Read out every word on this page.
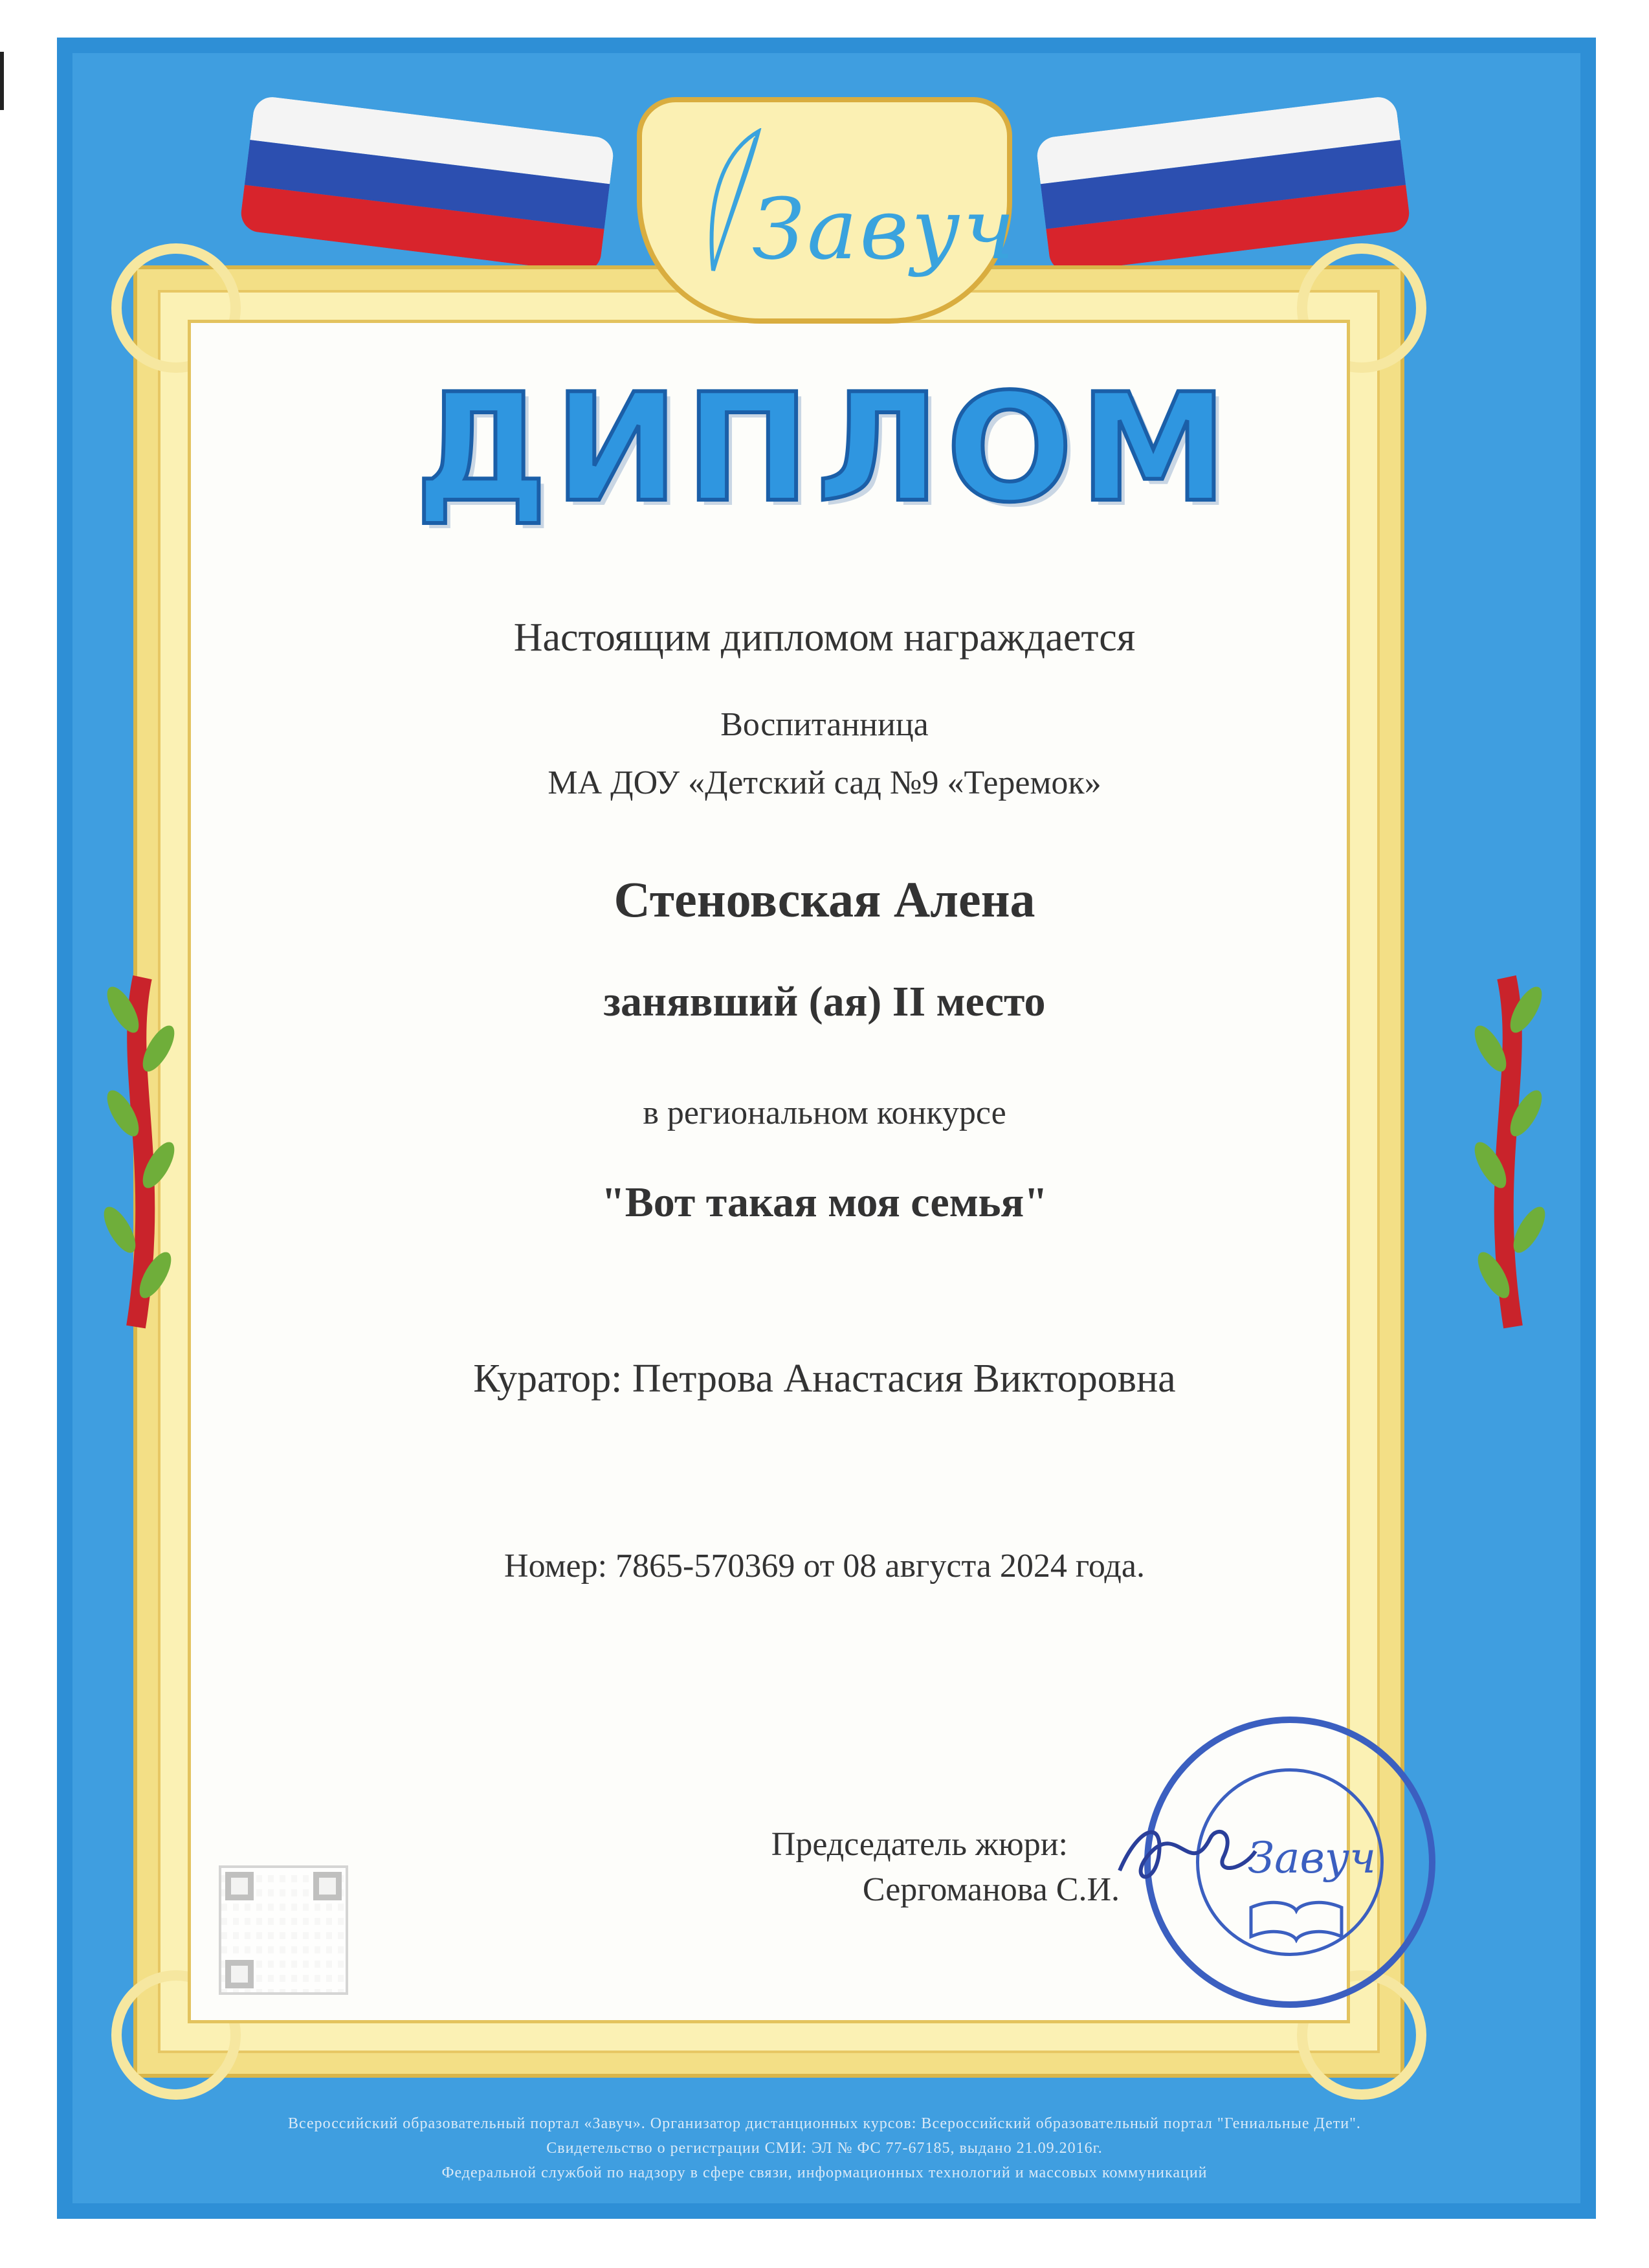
Завуч
ДИПЛОМ
Настоящим дипломом награждается
Воспитанница
МА ДОУ «Детский сад №9 «Теремок»
Стеновская Алена
занявший (ая) II место
в региональном конкурсе
"Вот такая моя семья"
Куратор: Петрова Анастасия Викторовна
Номер: 7865-570369 от 08 августа 2024 года.
Председатель жюри:
Сергоманова С.И.
Завуч
Всероссийский образовательный портал «Завуч». Организатор дистанционных курсов: Всероссийский образовательный портал "Гениальные Дети".
Свидетельство о регистрации СМИ: ЭЛ № ФС 77-67185, выдано 21.09.2016г.
Федеральной службой по надзору в сфере связи, информационных технологий и массовых коммуникаций
